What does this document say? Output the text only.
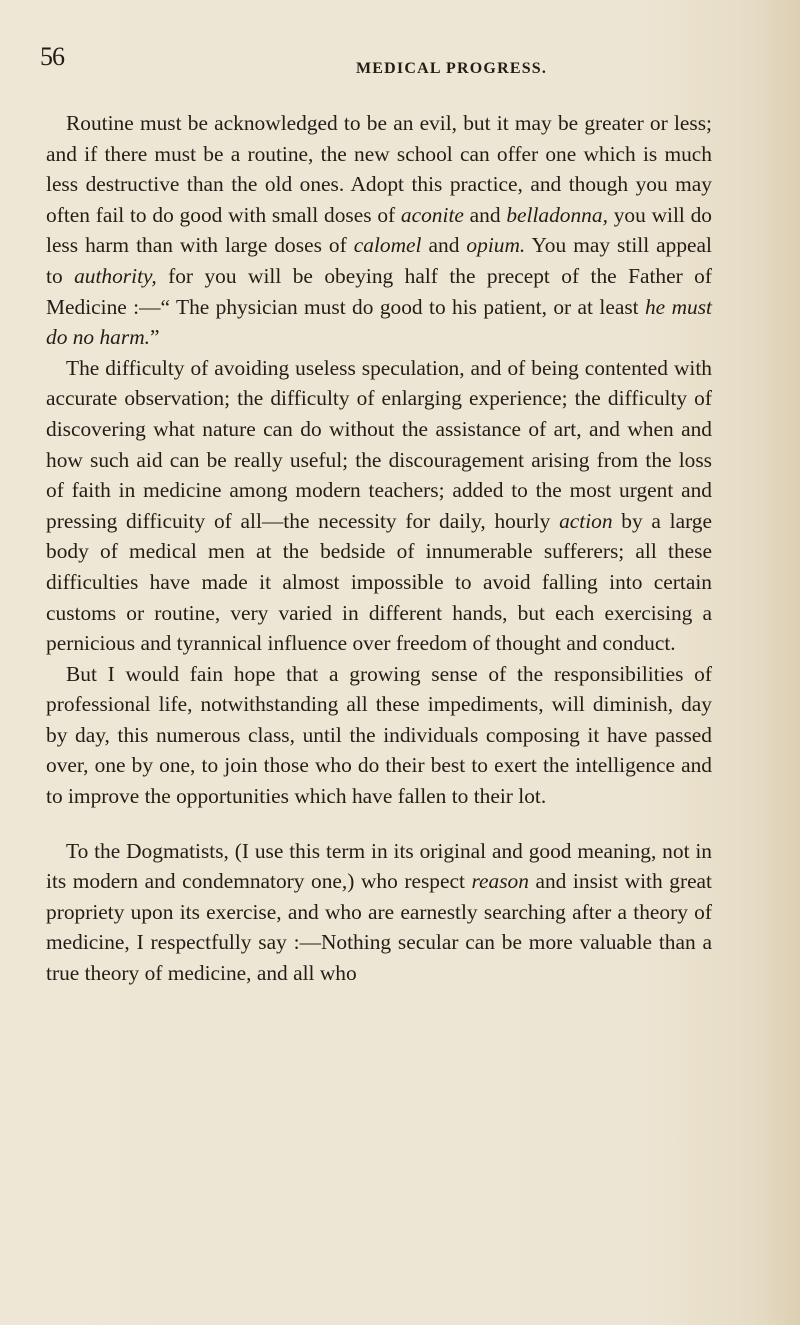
56	MEDICAL PROGRESS.

Routine must be acknowledged to be an evil, but it may be greater or less; and if there must be a routine, the new school can offer one which is much less destructive than the old ones. Adopt this practice, and though you may often fail to do good with small doses of aconite and belladonna, you will do less harm than with large doses of calomel and opium. You may still appeal to authority, for you will be obeying half the precept of the Father of Medicine :—“ The physician must do good to his patient, or at least he must do no harm.”

The difficulty of avoiding useless speculation, and of being contented with accurate observation; the difficulty of enlarging experience; the difficulty of discovering what nature can do without the assistance of art, and when and how such aid can be really useful; the discouragement arising from the loss of faith in medicine among modern teachers; added to the most urgent and pressing difficuity of all—the necessity for daily, hourly action by a large body of medical men at the bedside of innumerable sufferers; all these difficulties have made it almost impossible to avoid falling into certain customs or routine, very varied in different hands, but each exercising a pernicious and tyrannical influence over freedom of thought and conduct.

But I would fain hope that a growing sense of the responsibilities of professional life, notwithstanding all these impediments, will diminish, day by day, this numerous class, until the individuals composing it have passed over, one by one, to join those who do their best to exert the intelligence and to improve the opportunities which have fallen to their lot.

To the Dogmatists, (I use this term in its original and good meaning, not in its modern and condemnatory one,) who respect reason and insist with great propriety upon its exercise, and who are earnestly searching after a theory of medicine, I respectfully say :—Nothing secular can be more valuable than a true theory of medicine, and all who
